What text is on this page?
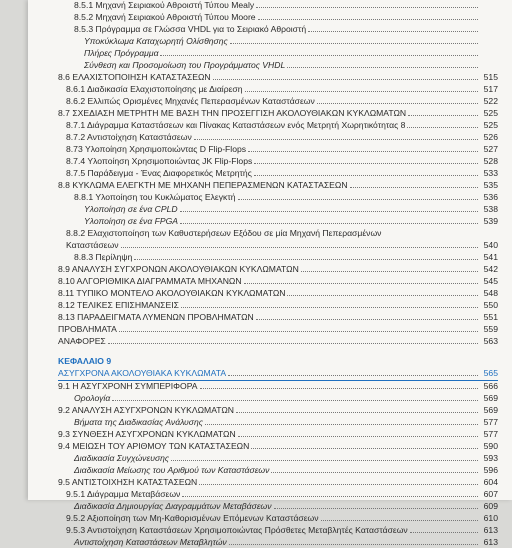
8.5.1 Μηχανή Σειριακού Αθροιστή Τύπου Mealy
8.5.2 Μηχανή Σειριακού Αθροιστή Τύπου Moore
8.5.3 Πρόγραμμα σε Γλώσσα VHDL για το Σειριακό Αθροιστή
Υποκύκλωμα Καταχωρητή Ολίσθησης
Πλήρες Πρόγραμμα
Σύνθεση και Προσομοίωση του Προγράμματος VHDL
8.6 ΕΛΑΧΙΣΤΟΠΟΙΗΣΗ ΚΑΤΑΣΤΑΣΕΩΝ	515
8.6.1 Διαδικασία Ελαχιστοποίησης με Διαίρεση	517
8.6.2 Ελλιπώς Ορισμένες Μηχανές Πεπερασμένων Καταστάσεων	522
8.7 ΣΧΕΔΙΑΣΗ ΜΕΤΡΗΤΗ ΜΕ ΒΑΣΗ ΤΗΝ ΠΡΟΣΕΓΓΙΣΗ ΑΚΟΛΟΥΘΙΑΚΩΝ ΚΥΚΛΩΜΑΤΩΝ	525
8.7.1 Διάγραμμα Καταστάσεων και Πίνακας Καταστάσεων ενός Μετρητή Χωρητικότητας 8	525
8.7.2 Αντιστοίχηση Καταστάσεων	526
8.73 Υλοποίηση Χρησιμοποιώντας D Flip-Flops	527
8.7.4 Υλοποίηση Χρησιμοποιώντας JK Flip-Flops	528
8.7.5 Παράδειγμα - Ένας Διαφορετικός Μετρητής	533
8.8 ΚΥΚΛΩΜΑ ΕΛΕΓΚΤΗ ΜΕ ΜΗΧΑΝΗ ΠΕΠΕΡΑΣΜΕΝΩΝ ΚΑΤΑΣΤΑΣΕΩΝ	535
8.8.1 Υλοποίηση του Κυκλώματος Ελεγκτή	536
Υλοποίηση σε ένα CPLD	538
Υλοποίηση σε ένα FPGA	539
8.8.2 Ελαχιστοποίηση των Καθυστερήσεων Εξόδου σε μία Μηχανή Πεπερασμένων
Καταστάσεων	540
8.8.3 Περίληψη	541
8.9 ΑΝΑΛΥΣΗ ΣΥΓΧΡΟΝΩΝ ΑΚΟΛΟΥΘΙΑΚΩΝ ΚΥΚΛΩΜΑΤΩΝ	542
8.10 ΑΛΓΟΡΙΘΜΙΚΑ ΔΙΑΓΡΑΜΜΑΤΑ ΜΗΧΑΝΩΝ	545
8.11 ΤΥΠΙΚΟ ΜΟΝΤΕΛΟ ΑΚΟΛΟΥΘΙΑΚΩΝ ΚΥΚΛΩΜΑΤΩΝ	548
8.12 ΤΕΛΙΚΕΣ ΕΠΙΣΗΜΑΝΣΕΙΣ	550
8.13 ΠΑΡΑΔΕΙΓΜΑΤΑ ΛΥΜΕΝΩΝ ΠΡΟΒΛΗΜΑΤΩΝ	551
ΠΡΟΒΛΗΜΑΤΑ	559
ΑΝΑΦΟΡΕΣ	563
ΚΕΦΑΛΑΙΟ 9
ΑΣΥΓΧΡΟΝΑ ΑΚΟΛΟΥΘΙΑΚΑ ΚΥΚΛΩΜΑΤΑ	565
9.1 Η ΑΣΥΓΧΡΟΝΗ ΣΥΜΠΕΡΙΦΟΡΑ	566
Ορολογία	569
9.2 ΑΝΑΛΥΣΗ ΑΣΥΓΧΡΟΝΩΝ ΚΥΚΛΩΜΑΤΩΝ	569
Βήματα της Διαδικασίας Ανάλυσης	577
9.3 ΣΥΝΘΕΣΗ ΑΣΥΓΧΡΟΝΩΝ ΚΥΚΛΩΜΑΤΩΝ	577
9.4 ΜΕΙΩΣΗ ΤΟΥ ΑΡΙΘΜΟΥ ΤΩΝ ΚΑΤΑΣΤΑΣΕΩΝ	590
Διαδικασία Συγχώνευσης	593
Διαδικασία Μείωσης του Αριθμού των Καταστάσεων	596
9.5 ΑΝΤΙΣΤΟΙΧΗΣΗ ΚΑΤΑΣΤΑΣΕΩΝ	604
9.5.1 Διάγραμμα Μεταβάσεων	607
Διαδικασία Δημιουργίας Διαγραμμάτων Μεταβάσεων	609
9.5.2 Αξιοποίηση των Μη-Καθορισμένων Επόμενων Καταστάσεων	610
9.5.3 Αντιστοίχηση Καταστάσεων Χρησιμοποιώντας Πρόσθετες Μεταβλητές Καταστάσεων	613
Αντιστοίχηση Καταστάσεων Μεταβλητών	613
